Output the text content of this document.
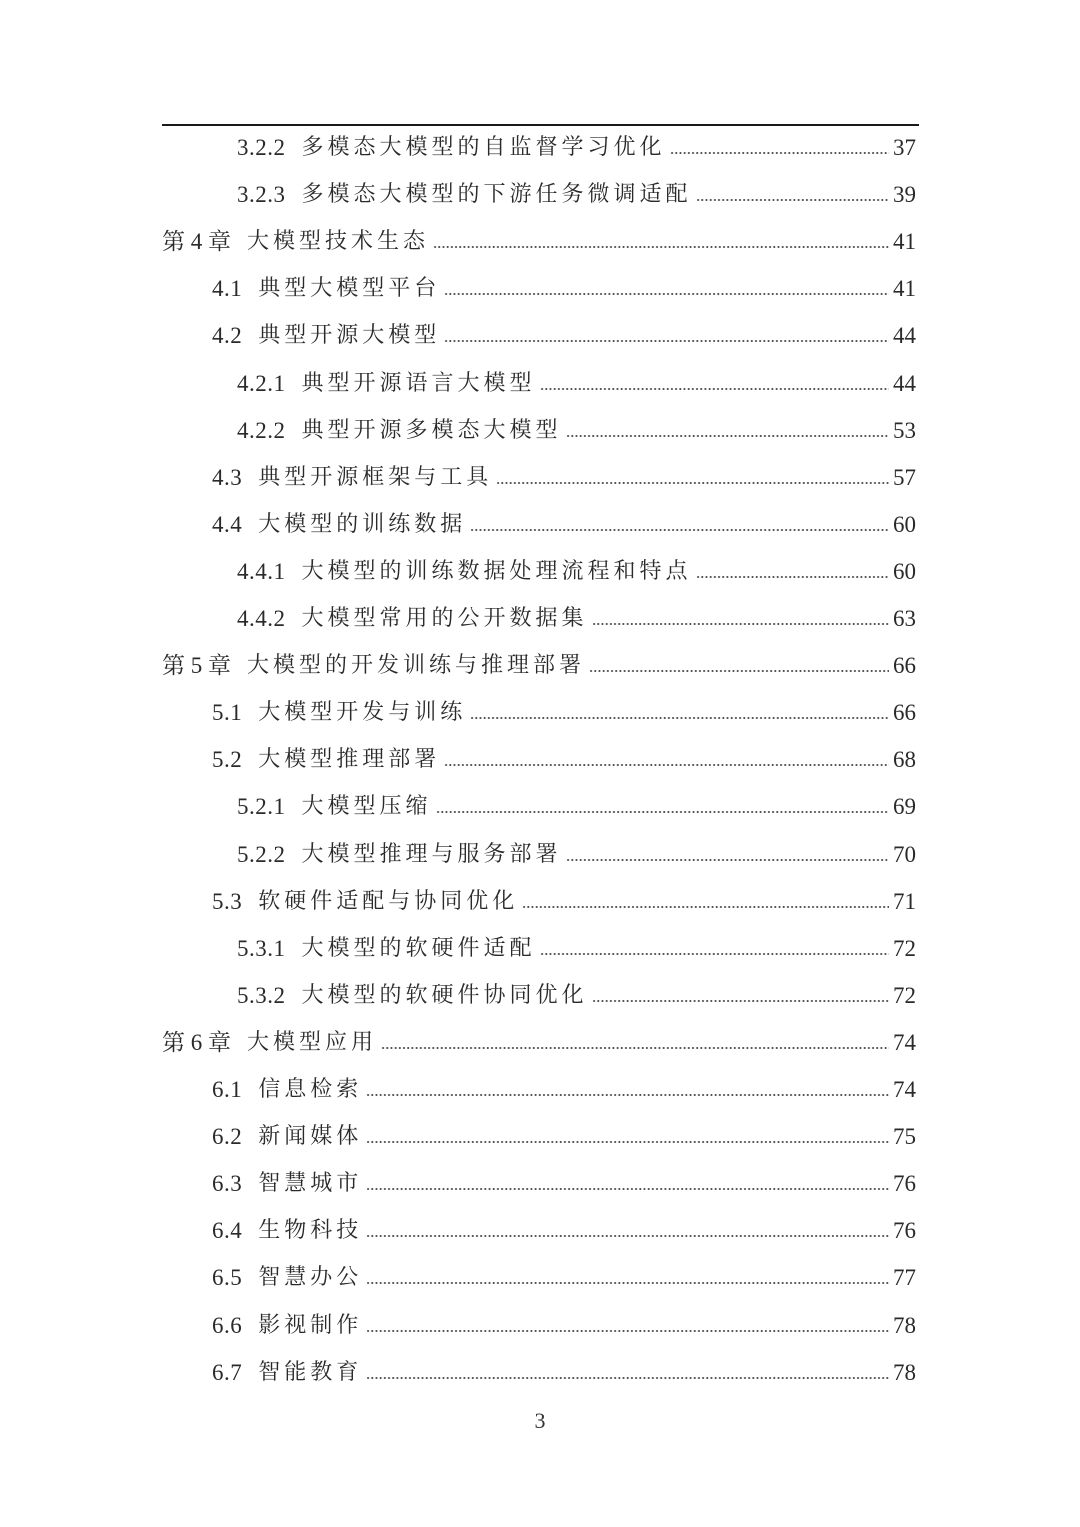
3.2.2 多模态大模型的自监督学习优化	37
3.2.3 多模态大模型的下游任务微调适配	39
第 4 章 大模型技术生态	41
4.1 典型大模型平台	41
4.2 典型开源大模型	44
4.2.1 典型开源语言大模型	44
4.2.2 典型开源多模态大模型	53
4.3 典型开源框架与工具	57
4.4 大模型的训练数据	60
4.4.1 大模型的训练数据处理流程和特点	60
4.4.2 大模型常用的公开数据集	63
第 5 章 大模型的开发训练与推理部署	66
5.1 大模型开发与训练	66
5.2 大模型推理部署	68
5.2.1 大模型压缩	69
5.2.2 大模型推理与服务部署	70
5.3 软硬件适配与协同优化	71
5.3.1 大模型的软硬件适配	72
5.3.2 大模型的软硬件协同优化	72
第 6 章 大模型应用	74
6.1 信息检索	74
6.2 新闻媒体	75
6.3 智慧城市	76
6.4 生物科技	76
6.5 智慧办公	77
6.6 影视制作	78
6.7 智能教育	78
3
